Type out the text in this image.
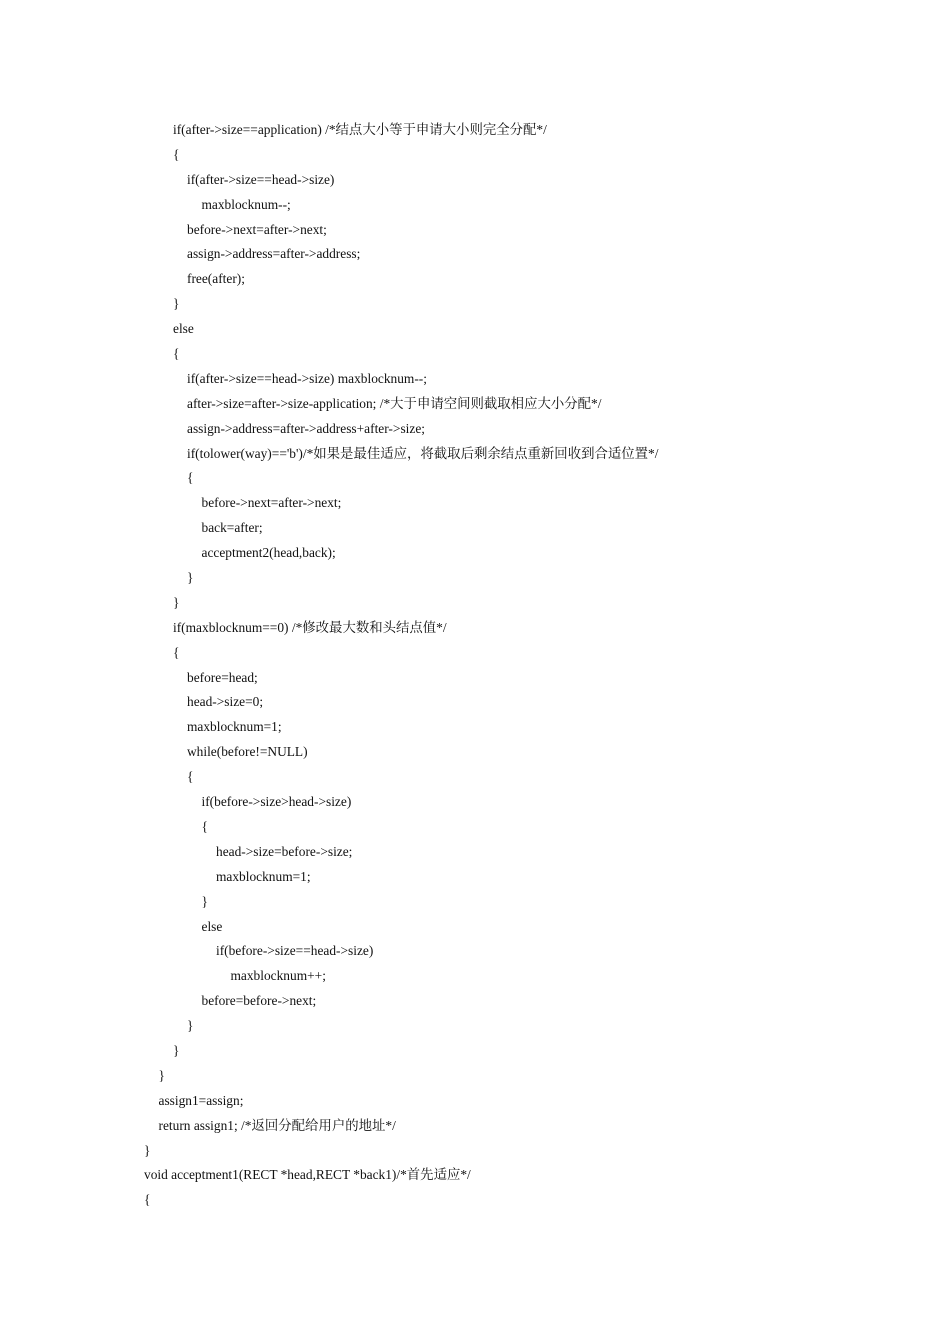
if(after->size==application) /*结点大小等于申请大小则完全分配*/
{
if(after->size==head->size)
maxblocknum--;
before->next=after->next;
assign->address=after->address;
free(after);
}
else
{
if(after->size==head->size) maxblocknum--;
after->size=after->size-application; /*大于申请空间则截取相应大小分配*/
assign->address=after->address+after->size;
if(tolower(way)=='b')/*如果是最佳适应，将截取后剩余结点重新回收到合适位置*/
{
before->next=after->next;
back=after;
acceptment2(head,back);
}
}
if(maxblocknum==0) /*修改最大数和头结点值*/
{
before=head;
head->size=0;
maxblocknum=1;
while(before!=NULL)
{
if(before->size>head->size)
{
head->size=before->size;
maxblocknum=1;
}
else
if(before->size==head->size)
maxblocknum++;
before=before->next;
}
}
}
assign1=assign;
return assign1; /*返回分配给用户的地址*/
}
void acceptment1(RECT *head,RECT *back1)/*首先适应*/
{
